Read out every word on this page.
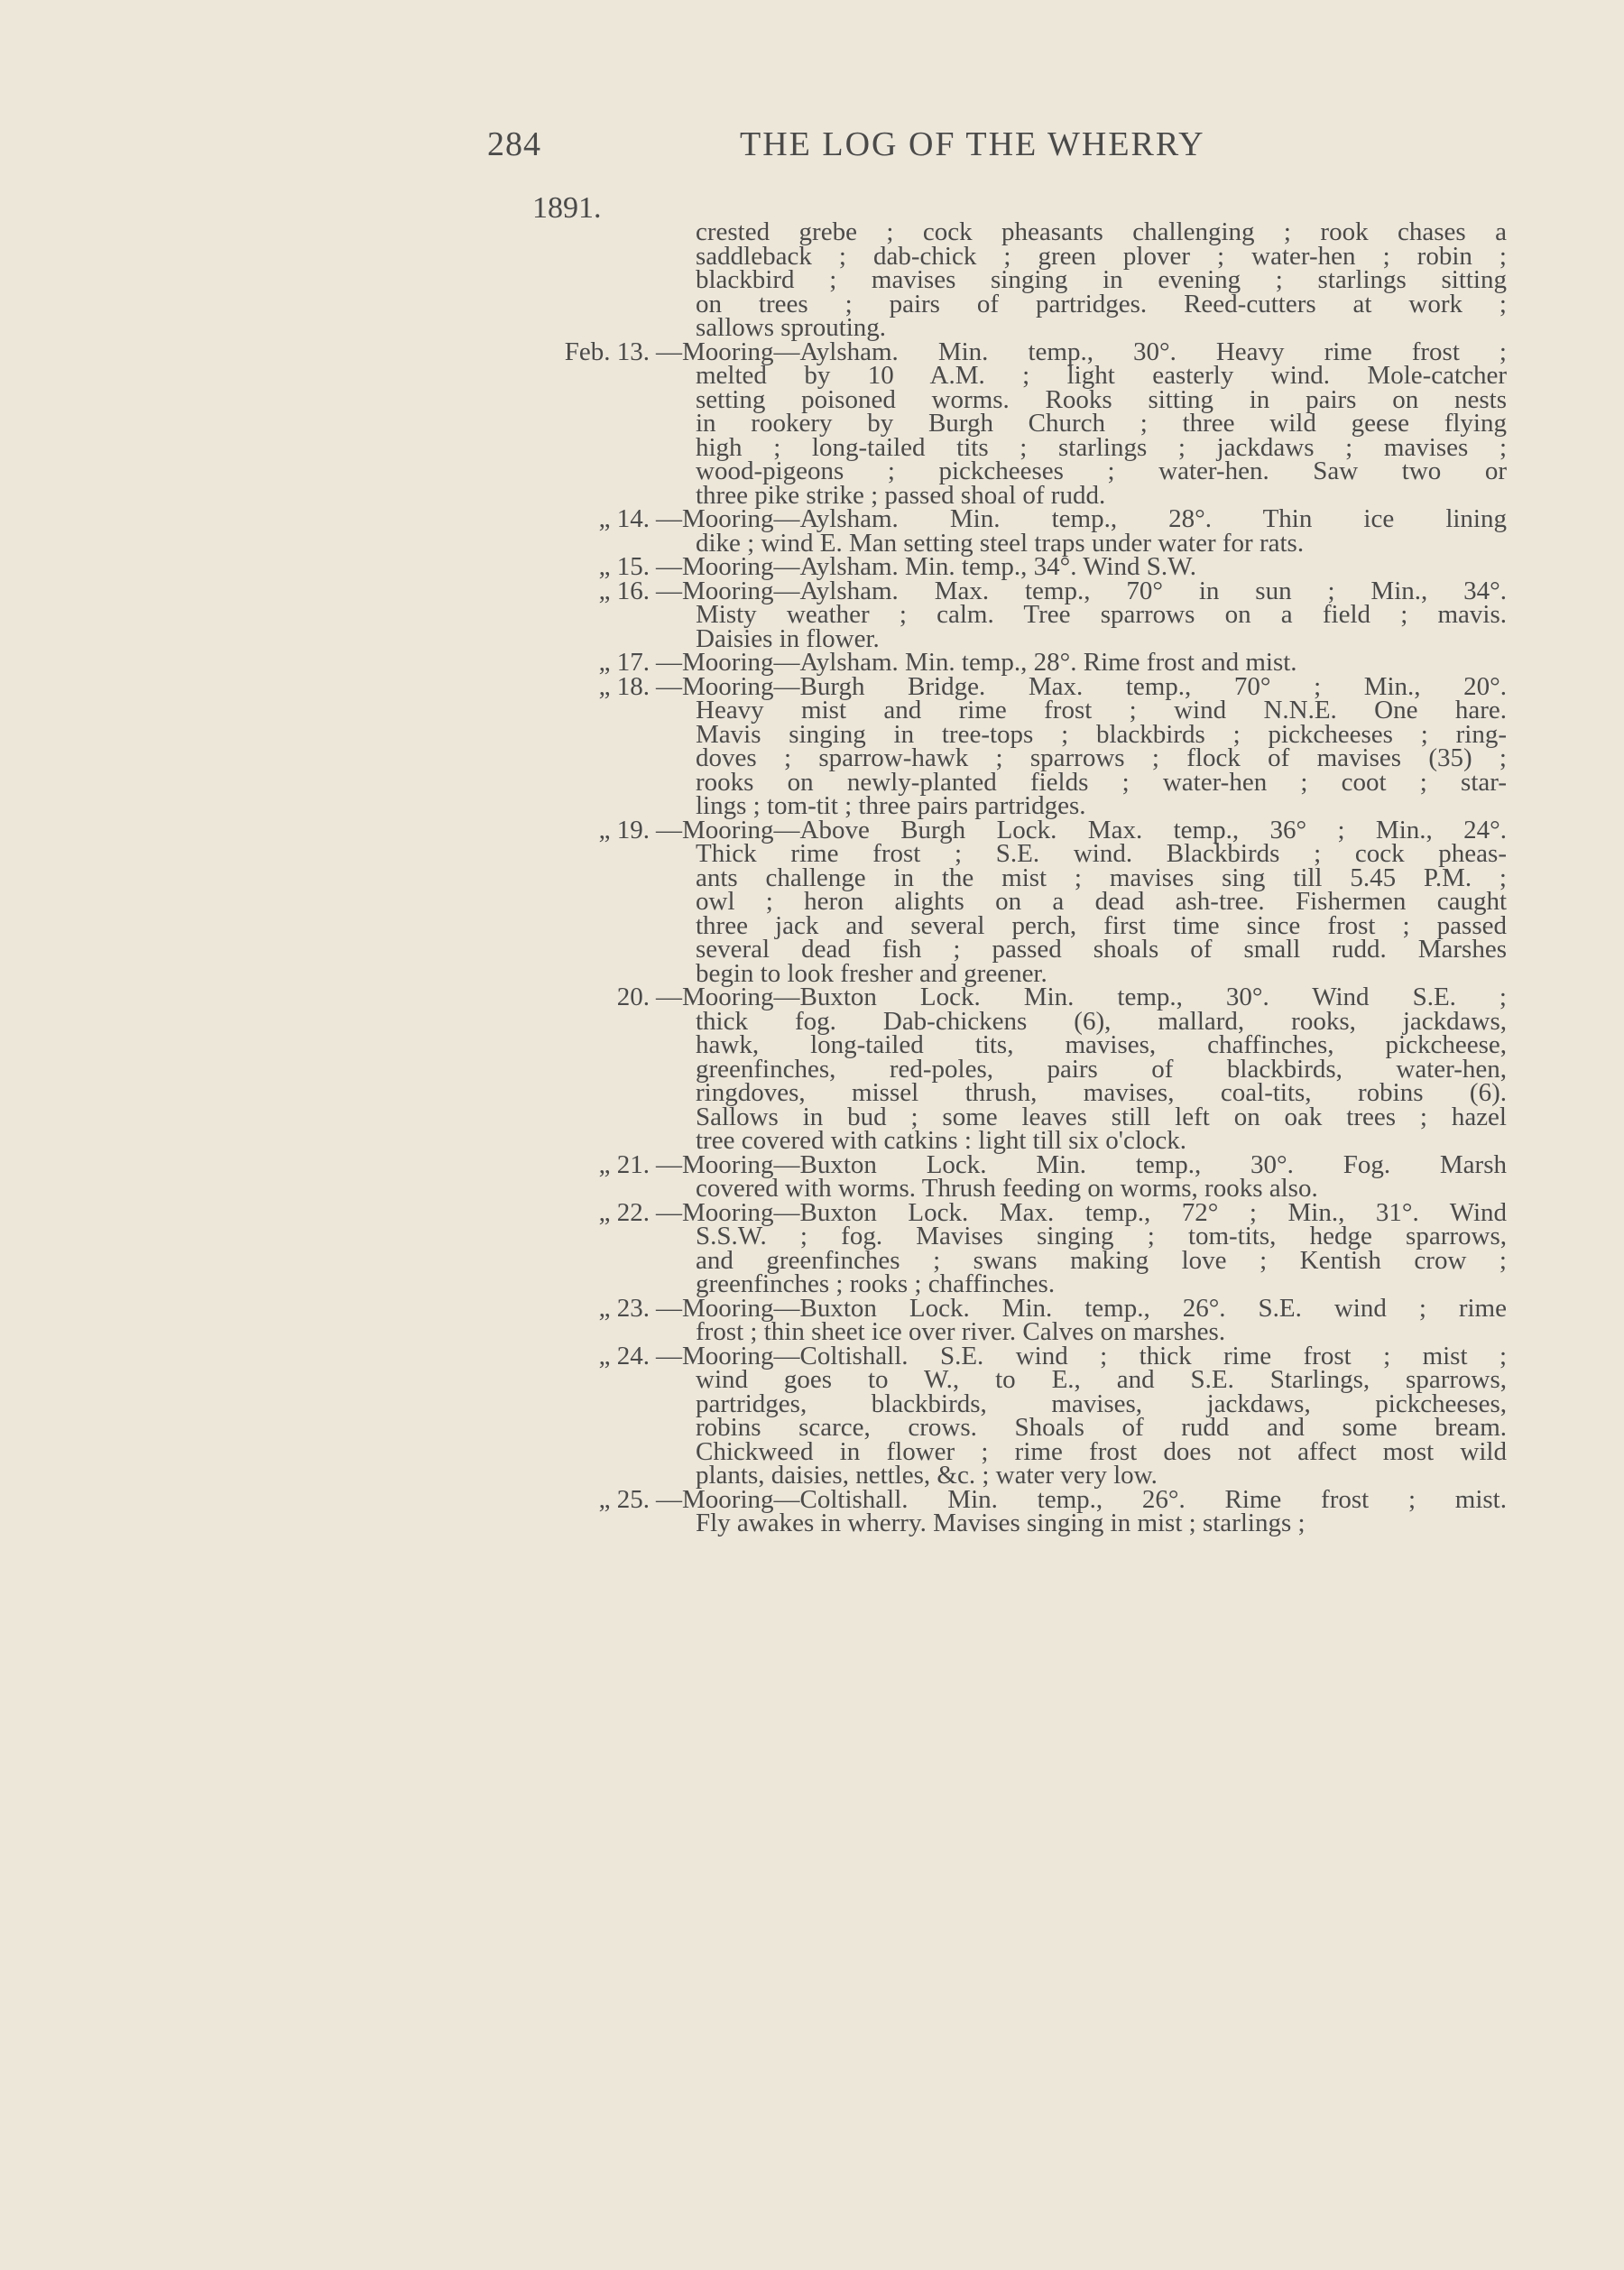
284	THE LOG OF THE WHERRY
1891.
crested grebe ; cock pheasants challenging ; rook chases a
saddleback ; dab-chick ; green plover ; water-hen ; robin ;
blackbird ; mavises singing in evening ; starlings sitting
on trees ; pairs of partridges. Reed-cutters at work ;
sallows sprouting.
Feb. 13. —Mooring—Aylsham. Min. temp., 30°. Heavy rime frost ;
melted by 10 A.M. ; light easterly wind. Mole-catcher
setting poisoned worms. Rooks sitting in pairs on nests
in rookery by Burgh Church ; three wild geese flying
high ; long-tailed tits ; starlings ; jackdaws ; mavises ;
wood-pigeons ; pickcheeses ; water-hen. Saw two or
three pike strike ; passed shoal of rudd.
„ 14. —Mooring—Aylsham. Min. temp., 28°. Thin ice lining
dike ; wind E. Man setting steel traps under water for rats.
„ 15. —Mooring—Aylsham. Min. temp., 34°. Wind S.W.
„ 16. —Mooring—Aylsham. Max. temp., 70° in sun ; Min., 34°.
Misty weather ; calm. Tree sparrows on a field ; mavis.
Daisies in flower.
„ 17. —Mooring—Aylsham. Min. temp., 28°. Rime frost and mist.
„ 18. —Mooring—Burgh Bridge. Max. temp., 70° ; Min., 20°.
Heavy mist and rime frost ; wind N.N.E. One hare.
Mavis singing in tree-tops ; blackbirds ; pickcheeses ; ring-
doves ; sparrow-hawk ; sparrows ; flock of mavises (35) ;
rooks on newly-planted fields ; water-hen ; coot ; star-
lings ; tom-tit ; three pairs partridges.
„ 19. —Mooring—Above Burgh Lock. Max. temp., 36° ; Min., 24°.
Thick rime frost ; S.E. wind. Blackbirds ; cock pheas-
ants challenge in the mist ; mavises sing till 5.45 P.M. ;
owl ; heron alights on a dead ash-tree. Fishermen caught
three jack and several perch, first time since frost ; passed
several dead fish ; passed shoals of small rudd. Marshes
begin to look fresher and greener.
20. —Mooring—Buxton Lock. Min. temp., 30°. Wind S.E. ;
thick fog. Dab-chickens (6), mallard, rooks, jackdaws,
hawk, long-tailed tits, mavises, chaffinches, pickcheese,
greenfinches, red-poles, pairs of blackbirds, water-hen,
ringdoves, missel thrush, mavises, coal-tits, robins (6).
Sallows in bud ; some leaves still left on oak trees ; hazel
tree covered with catkins : light till six o'clock.
„ 21. —Mooring—Buxton Lock. Min. temp., 30°. Fog. Marsh
covered with worms. Thrush feeding on worms, rooks also.
„ 22. —Mooring—Buxton Lock. Max. temp., 72° ; Min., 31°. Wind
S.S.W. ; fog. Mavises singing ; tom-tits, hedge sparrows,
and greenfinches ; swans making love ; Kentish crow ;
greenfinches ; rooks ; chaffinches.
„ 23. —Mooring—Buxton Lock. Min. temp., 26°. S.E. wind ; rime
frost ; thin sheet ice over river. Calves on marshes.
„ 24. —Mooring—Coltishall. S.E. wind ; thick rime frost ; mist ;
wind goes to W., to E., and S.E. Starlings, sparrows,
partridges, blackbirds, mavises, jackdaws, pickcheeses,
robins scarce, crows. Shoals of rudd and some bream.
Chickweed in flower ; rime frost does not affect most wild
plants, daisies, nettles, &c. ; water very low.
„ 25. —Mooring—Coltishall. Min. temp., 26°. Rime frost ; mist.
Fly awakes in wherry. Mavises singing in mist ; starlings ;
